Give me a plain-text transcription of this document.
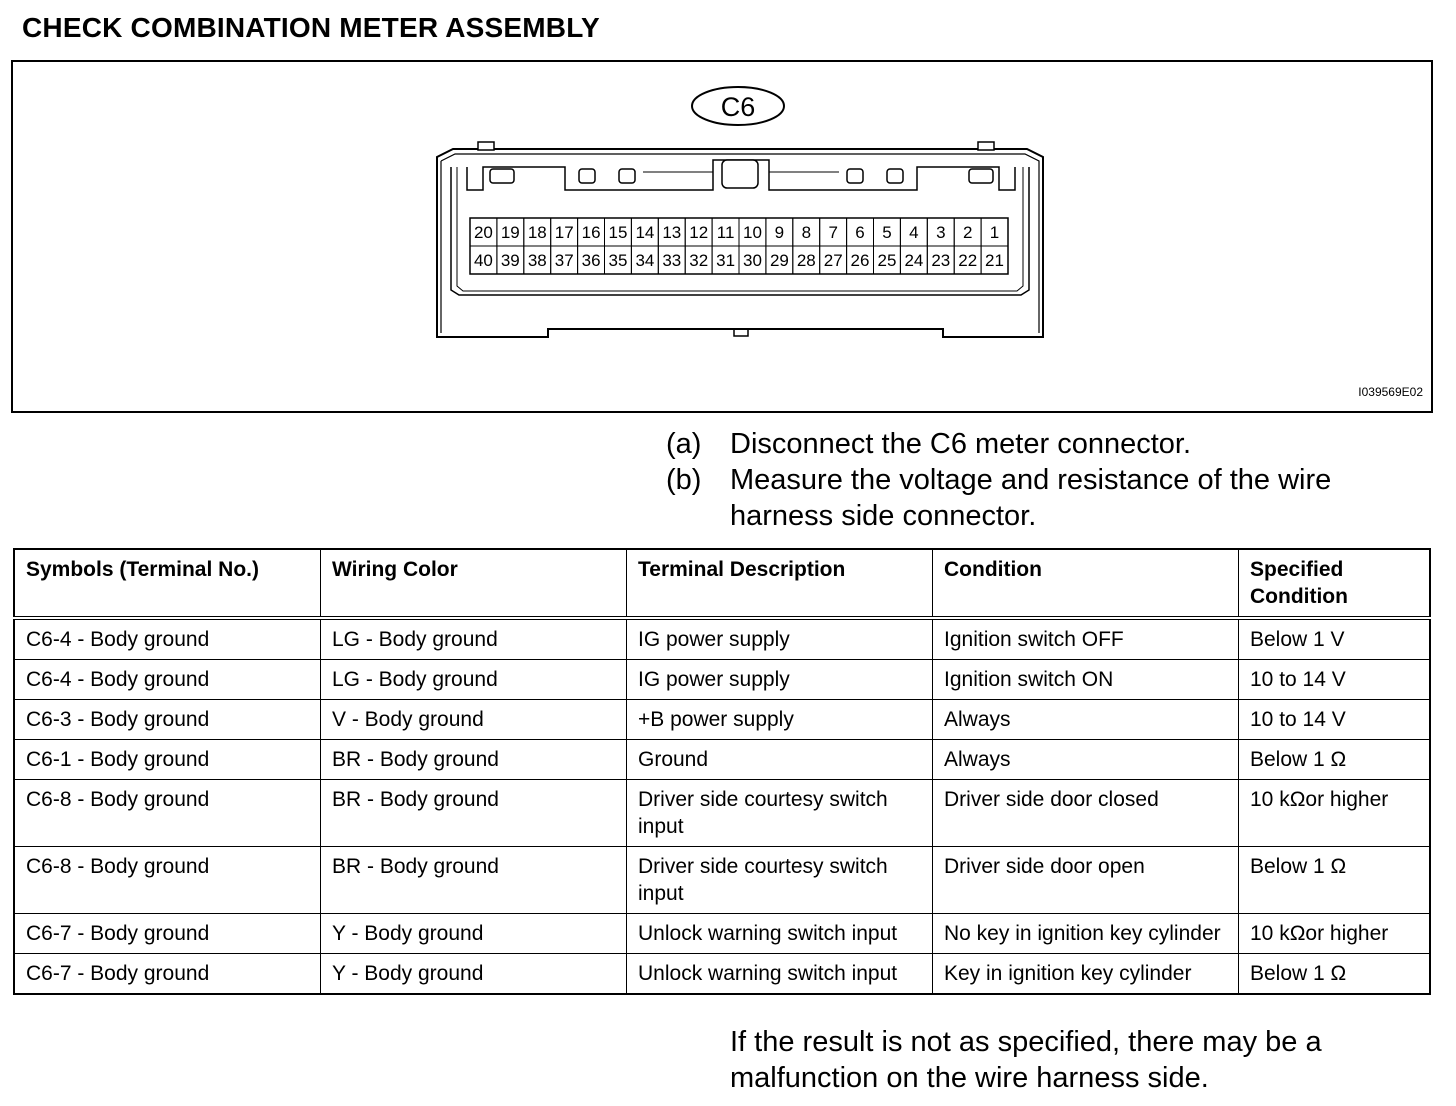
CHECK COMBINATION METER ASSEMBLY
C6
20 19 18 17 16 15 14 13 12 11 10 9 8 7 6 5 4 3 2 1
40 39 38 37 36 35 34 33 32 31 30 29 28 27 26 25 24 23 22 21
I039569E02
(a) Disconnect the C6 meter connector.
(b) Measure the voltage and resistance of the wire harness side connector.
Symbols (Terminal No.)	Wiring Color	Terminal Description	Condition	Specified Condition
C6-4 - Body ground	LG - Body ground	IG power supply	Ignition switch OFF	Below 1 V
C6-4 - Body ground	LG - Body ground	IG power supply	Ignition switch ON	10 to 14 V
C6-3 - Body ground	V - Body ground	+B power supply	Always	10 to 14 V
C6-1 - Body ground	BR - Body ground	Ground	Always	Below 1 Ω
C6-8 - Body ground	BR - Body ground	Driver side courtesy switch input	Driver side door closed	10 kΩor higher
C6-8 - Body ground	BR - Body ground	Driver side courtesy switch input	Driver side door open	Below 1 Ω
C6-7 - Body ground	Y - Body ground	Unlock warning switch input	No key in ignition key cylinder	10 kΩor higher
C6-7 - Body ground	Y - Body ground	Unlock warning switch input	Key in ignition key cylinder	Below 1 Ω
If the result is not as specified, there may be a malfunction on the wire harness side.
